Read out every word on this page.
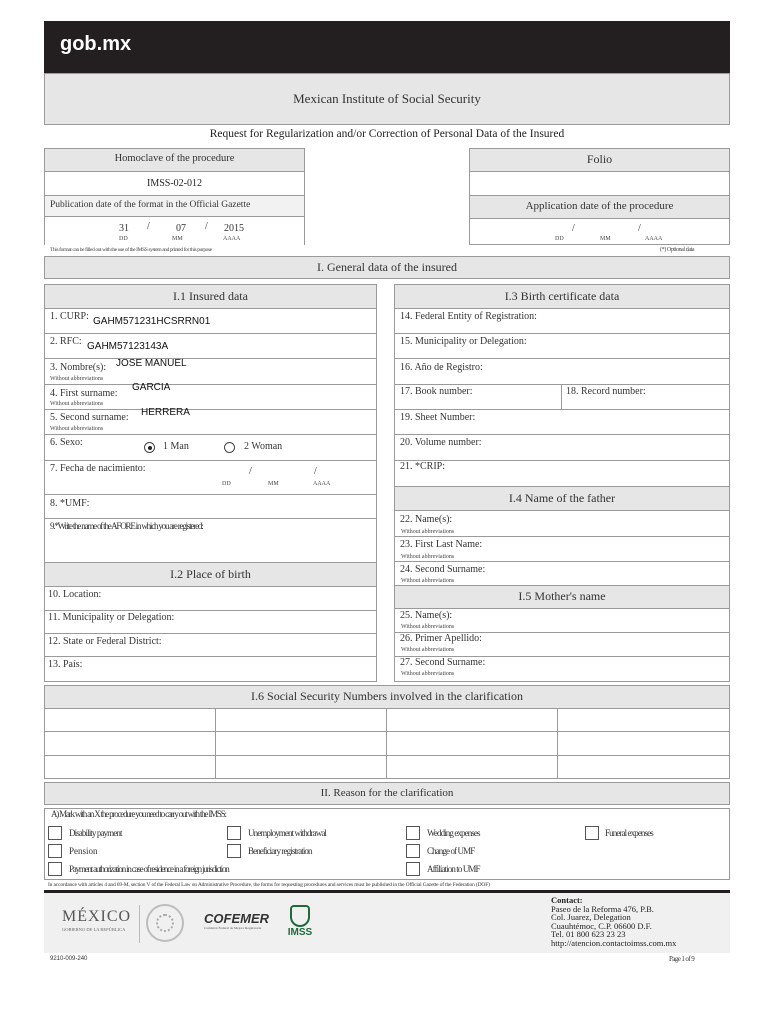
gob.mx
Mexican Institute of Social Security
Request for Regularization and/or Correction of Personal Data of the Insured
Homoclave of the procedure
IMSS-02-012
Publication date of the format in the Official Gazette
31 /	07 / 2015
DD	MM	AAAA
This format can be filled out with the use of the IMSS system and printed for this purpose
Folio
Application date of the procedure
/	/
DD	MM	AAAA
(*) Optional data
I. General data of the insured
I.1 Insured data
1. CURP: GAHM571231HCSRRN01
2. RFC: GAHM57123143A
3. Nombre(s): JOSE MANUEL
Without abbreviations
4. First surname:
GARCIA
Without abbreviations
5. Second surname: HERRERA
Without abbreviations
6. Sexo:	1 Man	2 Woman
7. Fecha de nacimiento:	/	/
DD	MM	AAAA
8. *UMF:
9.*Write the name of the AFORE in which you are registered:
I.2 Place of birth
10. Location:
11. Municipality or Delegation:
12. State or Federal District:
13. País:
I.3 Birth certificate data
14. Federal Entity of Registration:
15. Municipality or Delegation:
16. Año de Registro:
17. Book number:	18. Record number:
19. Sheet Number:
20. Volume number:
21. *CRIP:
I.4 Name of the father
22. Name(s):
Without abbreviations
23. First Last Name:
Without abbreviations
24. Second Surname:
Without abbreviations
I.5 Mother's name
25. Name(s):
Without abbreviations
26. Primer Apellido:
Without abbreviations
27. Second Surname:
Without abbreviations
I.6 Social Security Numbers involved in the clarification
II. Reason for the clarification
A) Mark with an X the procedure you need to carry out with the IMSS:
Disability payment	Unemployment withdrawal	Wedding expenses	Funeral expenses
Pension	Beneficiary registration	Change of UMF
Payment authorization in case of residence in a foreign jurisdiction	Affiliation to UMF
In accordance with articles 4 and 69-M, section V of the Federal Law on Administrative Procedure, the forms for requesting procedures and services must be published in the Official Gazette of the Federation (DOF)
MÉXICO
GOBIERNO DE LA REPÚBLICA
COFEMER
Comisión Federal de Mejora Regulatoria	IMSS
Contact:
Paseo de la Reforma 476, P.B.
Col. Juarez, Delegation
Cuauhtémoc, C.P. 06600 D.F.
Tel. 01 800 623 23 23
http://atencion.contactoimss.com.mx
9210-009-240	Page 1 of 9
